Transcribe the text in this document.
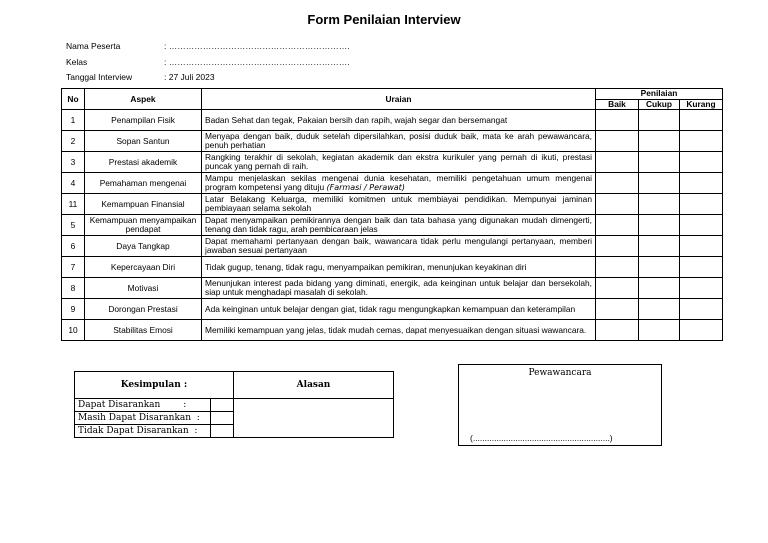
Form Penilaian Interview
Nama Peserta	: ……………………………………………………….
Kelas	: ……………………………………………………….
Tanggal Interview	: 27 Juli 2023
No	Aspek	Uraian	Penilaian		
			Baik	Cukup	Kurang
1	Penampilan Fisik	Badan Sehat dan tegak, Pakaian bersih dan rapih, wajah segar dan bersemangat			
2	Sopan Santun	Menyapa dengan baik, duduk setelah dipersilahkan, posisi duduk baik, mata ke arah pewawancara, penuh perhatian			
3	Prestasi akademik	Rangking terakhir di sekolah, kegiatan akademik dan ekstra kurikuler yang pernah di ikuti, prestasi puncak yang pernah di raih.			
4	Pemahaman mengenai	Mampu menjelaskan sekilas mengenai dunia kesehatan, memiliki pengetahuan umum mengenai program kompetensi yang dituju (Farmasi / Perawat)			
11	Kemampuan Finansial	Latar Belakang Keluarga, memiliki komitmen untuk membiayai pendidikan. Mempunyai jaminan pembiayaan selama sekolah			
5	Kemampuan menyampaikan pendapat	Dapat menyampaikan pemikirannya dengan baik dan tata bahasa yang digunakan mudah dimengerti, tenang dan tidak ragu, arah pembicaraan jelas			
6	Daya Tangkap	Dapat memahami pertanyaan dengan baik, wawancara tidak perlu mengulangi pertanyaan, memberi jawaban sesuai pertanyaan			
7	Kepercayaan Diri	Tidak gugup, tenang, tidak ragu, menyampaikan pemikiran, menunjukan keyakinan diri			
8	Motivasi	Menunjukan interest pada bidang yang diminati, energik, ada keinginan untuk belajar dan bersekolah, siap untuk menghadapi masalah di sekolah.			
9	Dorongan Prestasi	Ada keinginan untuk belajar dengan giat, tidak ragu mengungkapkan kemampuan dan keterampilan			
10	Stabilitas Emosi	Memiliki kemampuan yang jelas, tidak mudah cemas, dapat menyesuaikan dengan situasi wawancara.			
Kesimpulan :		Alasan
Dapat Disarankan        :		
Masih Dapat Disarankan  :		
Tidak Dapat Disarankan  :		
Pewawancara
(..........................................................)
